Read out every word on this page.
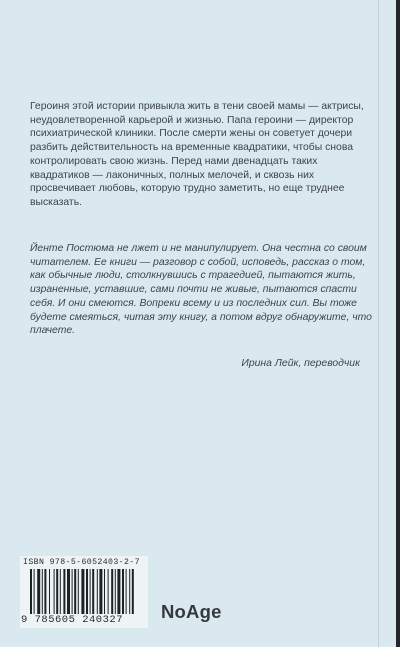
Героиня этой истории привыкла жить в тени своей мамы — актрисы, неудовлетворенной карьерой и жизнью. Папа героини — директор психиатрической клиники. После смерти жены он советует дочери разбить действительность на временные квадратики, чтобы снова контролировать свою жизнь. Перед нами двенадцать таких квадратиков — лаконичных, полных мелочей, и сквозь них просвечивает любовь, которую трудно заметить, но еще труднее высказать.

Йенте Постюма не лжет и не манипулирует. Она честна со своим читателем. Ее книги — разговор с собой, исповедь, рассказ о том, как обычные люди, столкнувшись с трагедией, пытаются жить, израненные, уставшие, сами почти не живые, пытаются спасти себя. И они смеются. Вопреки всему и из последних сил. Вы тоже будете смеяться, читая эту книгу, а потом вдруг обнаружите, что плачете.

Ирина Лейк, переводчик

ISBN 978-5-6052403-2-7

9 785605 240327 NoAge
